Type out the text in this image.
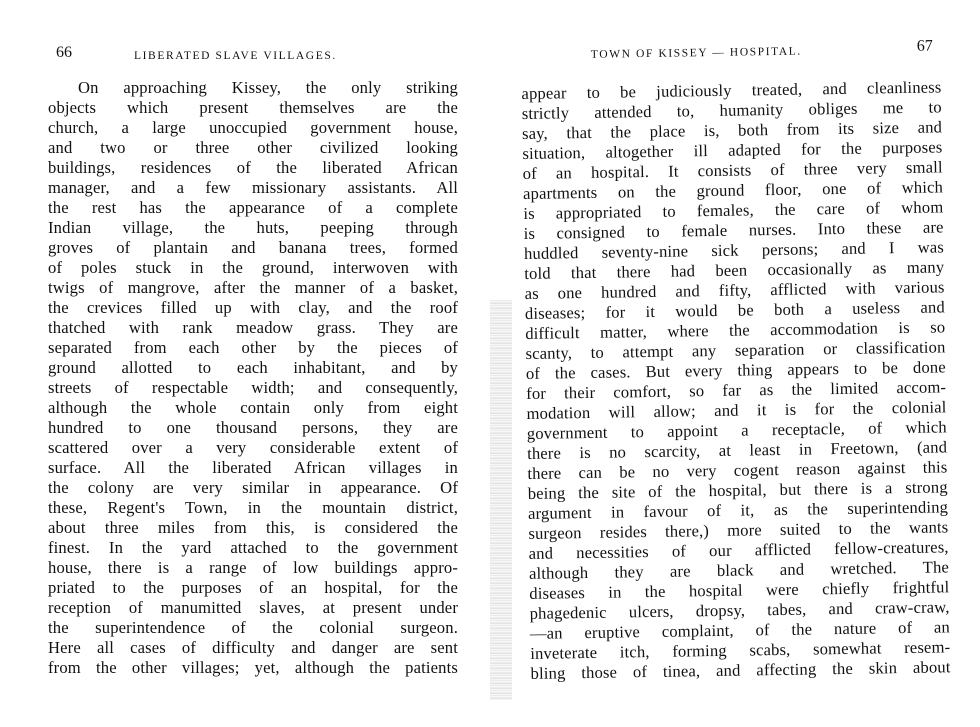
66	LIBERATED SLAVE VILLAGES.
On approaching Kissey, the only striking
objects which present themselves are the
church, a large unoccupied government house,
and two or three other civilized looking
buildings, residences of the liberated African
manager, and a few missionary assistants. All
the rest has the appearance of a complete
Indian village, the huts, peeping through
groves of plantain and banana trees, formed
of poles stuck in the ground, interwoven with
twigs of mangrove, after the manner of a basket,
the crevices filled up with clay, and the roof
thatched with rank meadow grass. They are
separated from each other by the pieces of
ground allotted to each inhabitant, and by
streets of respectable width; and consequently,
although the whole contain only from eight
hundred to one thousand persons, they are
scattered over a very considerable extent of
surface. All the liberated African villages in
the colony are very similar in appearance. Of
these, Regent's Town, in the mountain district,
about three miles from this, is considered the
finest. In the yard attached to the government
house, there is a range of low buildings appro-
priated to the purposes of an hospital, for the
reception of manumitted slaves, at present under
the superintendence of the colonial surgeon.
Here all cases of difficulty and danger are sent
from the other villages; yet, although the patients
TOWN OF KISSEY — HOSPITAL.	67
appear to be judiciously treated, and cleanliness
strictly attended to, humanity obliges me to
say, that the place is, both from its size and
situation, altogether ill adapted for the purposes
of an hospital. It consists of three very small
apartments on the ground floor, one of which
is appropriated to females, the care of whom
is consigned to female nurses. Into these are
huddled seventy-nine sick persons; and I was
told that there had been occasionally as many
as one hundred and fifty, afflicted with various
diseases; for it would be both a useless and
difficult matter, where the accommodation is so
scanty, to attempt any separation or classification
of the cases. But every thing appears to be done
for their comfort, so far as the limited accom-
modation will allow; and it is for the colonial
government to appoint a receptacle, of which
there is no scarcity, at least in Freetown, (and
there can be no very cogent reason against this
being the site of the hospital, but there is a strong
argument in favour of it, as the superintending
surgeon resides there,) more suited to the wants
and necessities of our afflicted fellow-creatures,
although they are black and wretched. The
diseases in the hospital were chiefly frightful
phagedenic ulcers, dropsy, tabes, and craw-craw,
—an eruptive complaint, of the nature of an
inveterate itch, forming scabs, somewhat resem-
bling those of tinea, and affecting the skin about
